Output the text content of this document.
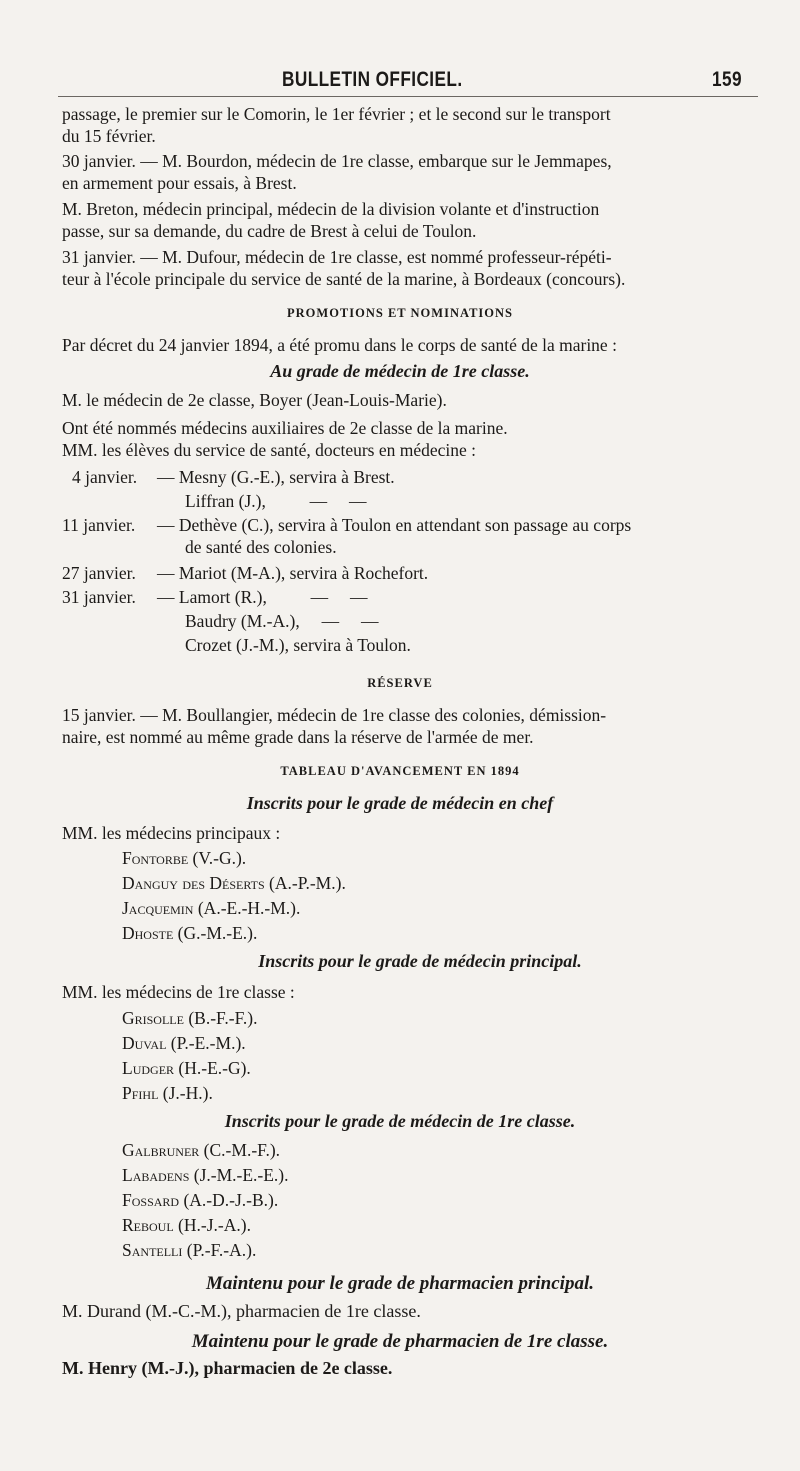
BULLETIN OFFICIEL.	159
passage, le premier sur le Comorin, le 1er février ; et le second sur le transport
du 15 février.
30 janvier. — M. Bourdon, médecin de 1re classe, embarque sur le Jemmapes,
en armement pour essais, à Brest.
M. Breton, médecin principal, médecin de la division volante et d'instruction
passe, sur sa demande, du cadre de Brest à celui de Toulon.
31 janvier. — M. Dufour, médecin de 1re classe, est nommé professeur-répéti-
teur à l'école principale du service de santé de la marine, à Bordeaux (concours).
PROMOTIONS ET NOMINATIONS
Par décret du 24 janvier 1894, a été promu dans le corps de santé de la marine :
Au grade de médecin de 1re classe.
M. le médecin de 2e classe, Boyer (Jean-Louis-Marie).
Ont été nommés médecins auxiliaires de 2e classe de la marine.
MM. les élèves du service de santé, docteurs en médecine :
4 janvier. — Mesny (G.-E.), servira à Brest.
Liffran (J.),          —     —
11 janvier. — Dethève (C.), servira à Toulon en attendant son passage au corps
de santé des colonies.
27 janvier. — Mariot (M-A.), servira à Rochefort.
31 janvier. — Lamort (R.),          —     —
Baudry (M.-A.),     —     —
Crozet (J.-M.), servira à Toulon.
RÉSERVE
15 janvier. — M. Boullangier, médecin de 1re classe des colonies, démission-
naire, est nommé au même grade dans la réserve de l'armée de mer.
TABLEAU D'AVANCEMENT EN 1894
Inscrits pour le grade de médecin en chef
MM. les médecins principaux :
Fontorbe (V.-G.).
Danguy des Déserts (A.-P.-M.).
Jacquemin (A.-E.-H.-M.).
Dhoste (G.-M.-E.).
Inscrits pour le grade de médecin principal.
MM. les médecins de 1re classe :
Grisolle (B.-F.-F.).
Duval (P.-E.-M.).
Ludger (H.-E.-G).
Pfihl (J.-H.).
Inscrits pour le grade de médecin de 1re classe.
Galbruner (C.-M.-F.).
Labadens (J.-M.-E.-E.).
Fossard (A.-D.-J.-B.).
Reboul (H.-J.-A.).
Santelli (P.-F.-A.).
Maintenu pour le grade de pharmacien principal.
M. Durand (M.-C.-M.), pharmacien de 1re classe.
Maintenu pour le grade de pharmacien de 1re classe.
M. Henry (M.-J.), pharmacien de 2e classe.
